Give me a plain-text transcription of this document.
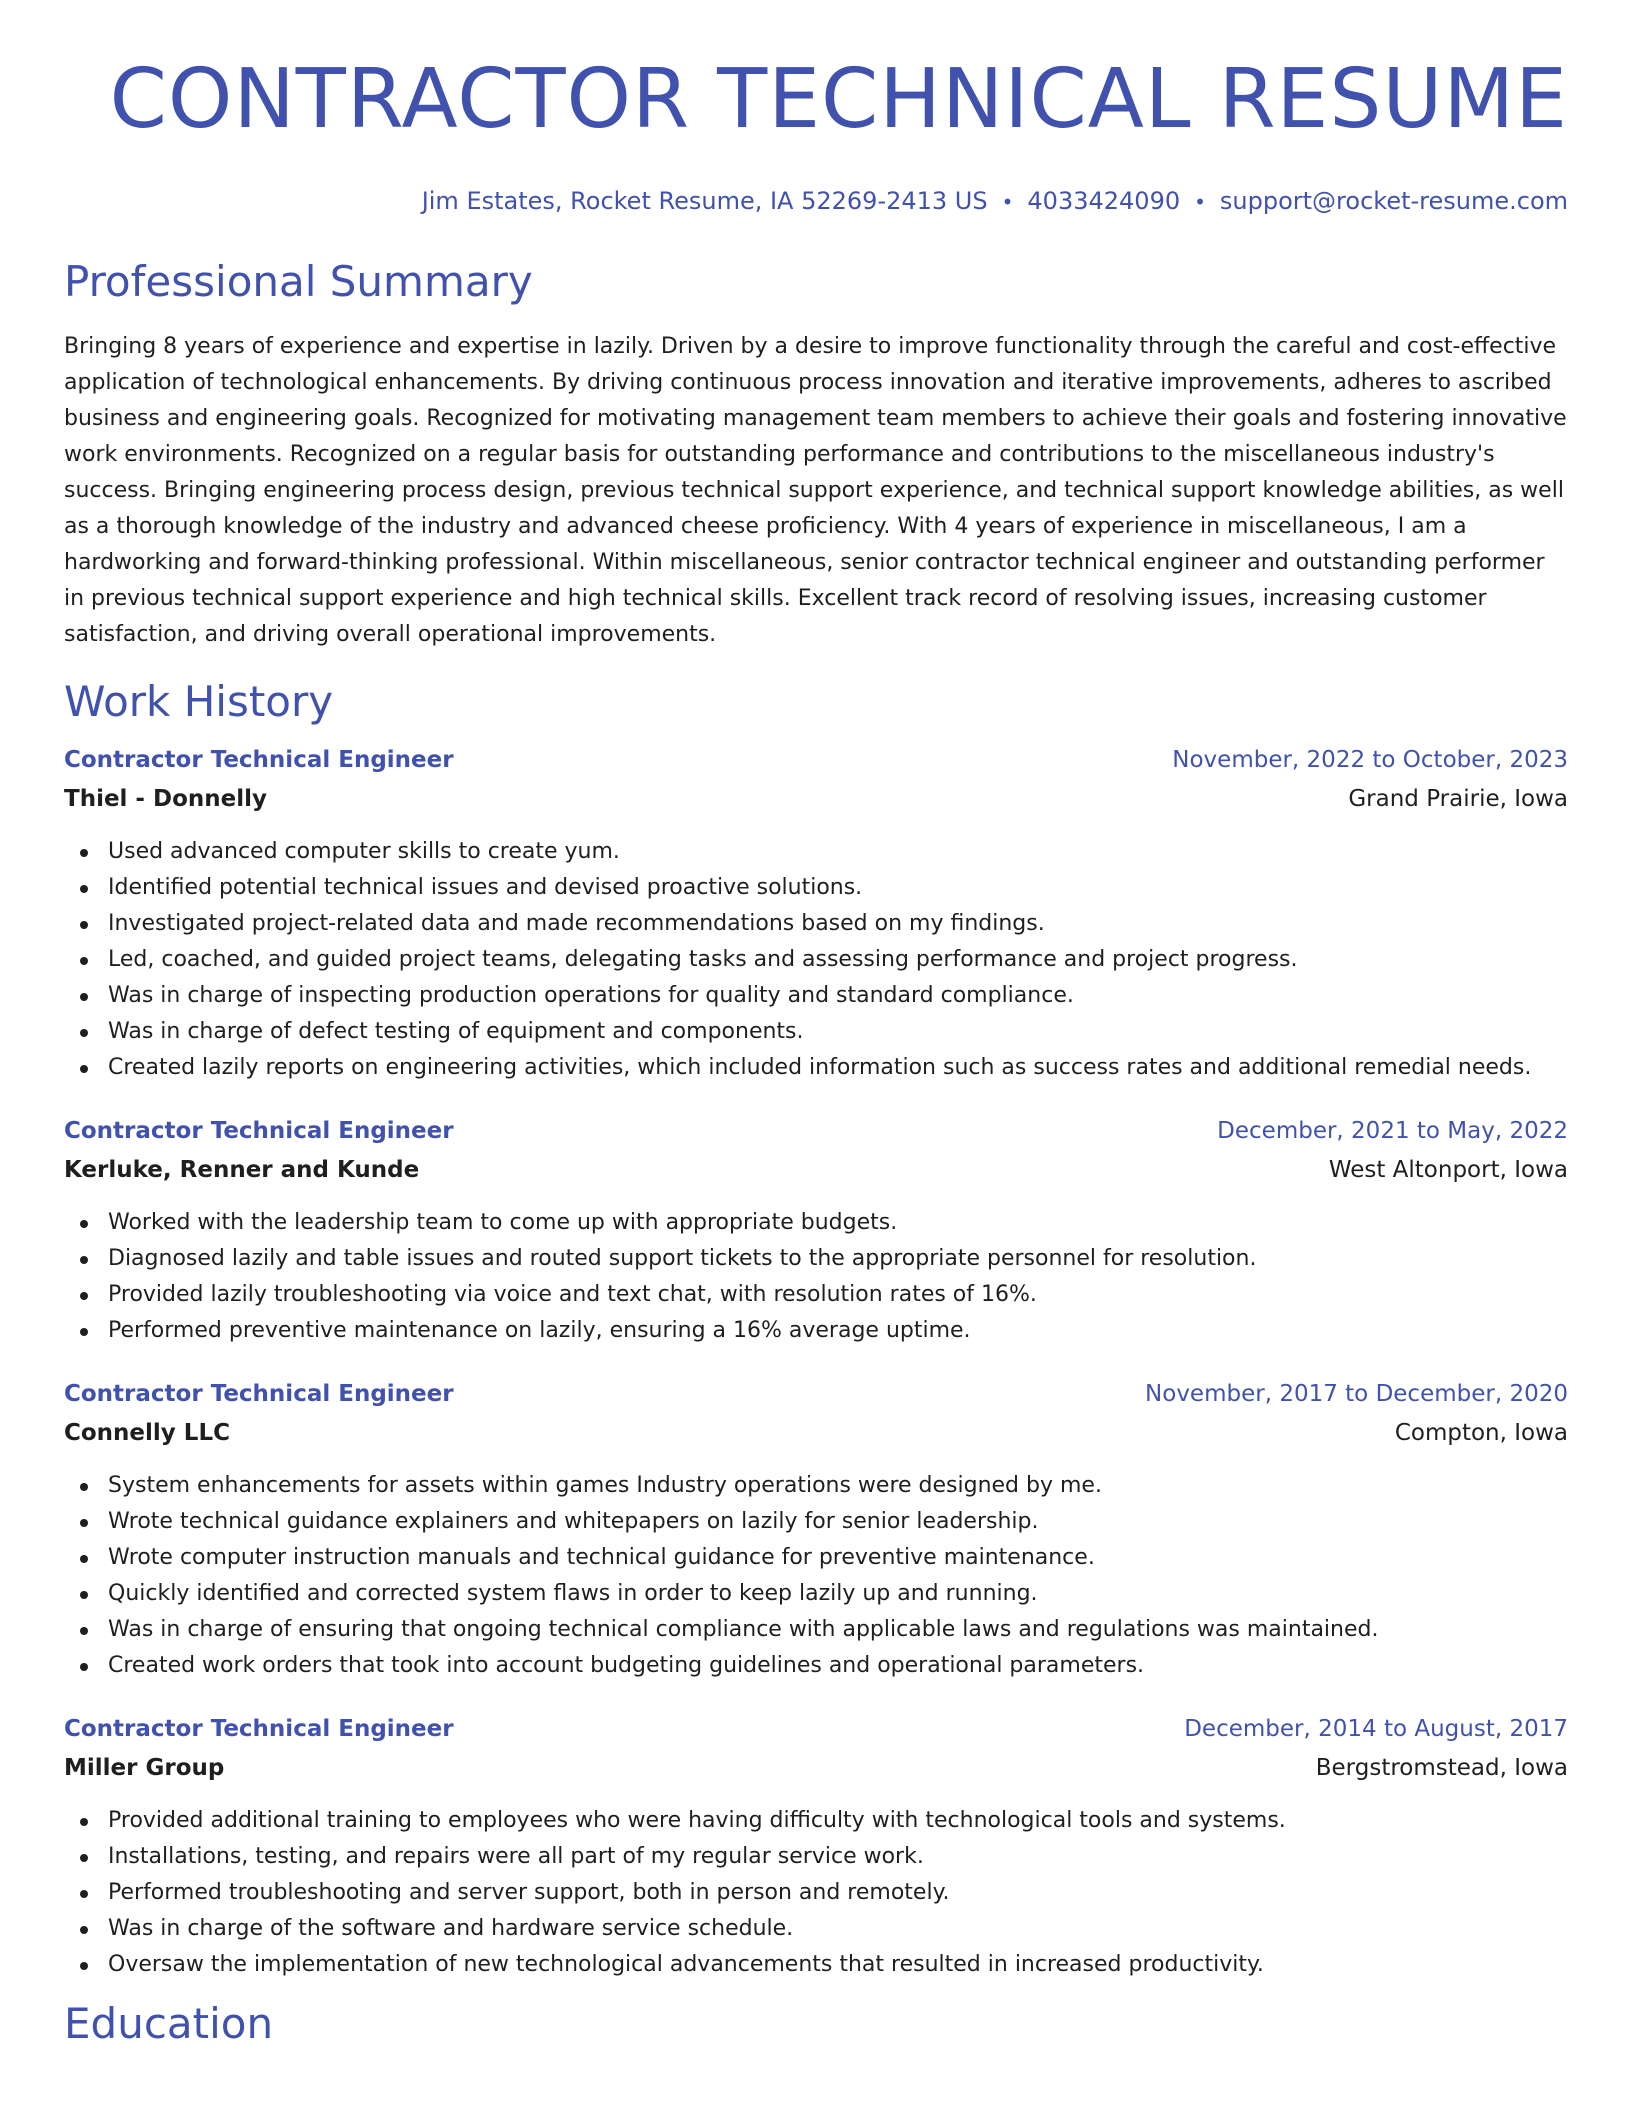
CONTRACTOR TECHNICAL RESUME
Jim Estates, Rocket Resume, IA 52269-2413 US • 4033424090 • support@rocket-resume.com
Professional Summary

Bringing 8 years of experience and expertise in lazily. Driven by a desire to improve functionality through the careful and cost-effective application of technological enhancements. By driving continuous process innovation and iterative improvements, adheres to ascribed business and engineering goals. Recognized for motivating management team members to achieve their goals and fostering innovative work environments. Recognized on a regular basis for outstanding performance and contributions to the miscellaneous industry's success. Bringing engineering process design, previous technical support experience, and technical support knowledge abilities, as well as a thorough knowledge of the industry and advanced cheese proficiency. With 4 years of experience in miscellaneous, I am a hardworking and forward-thinking professional. Within miscellaneous, senior contractor technical engineer and outstanding performer in previous technical support experience and high technical skills. Excellent track record of resolving issues, increasing customer satisfaction, and driving overall operational improvements.

Work History
Contractor Technical Engineer	November, 2022 to October, 2023
Thiel - Donnelly	Grand Prairie, Iowa
Used advanced computer skills to create yum.
Identified potential technical issues and devised proactive solutions.
Investigated project-related data and made recommendations based on my findings.
Led, coached, and guided project teams, delegating tasks and assessing performance and project progress.
Was in charge of inspecting production operations for quality and standard compliance.
Was in charge of defect testing of equipment and components.
Created lazily reports on engineering activities, which included information such as success rates and additional remedial needs.
Contractor Technical Engineer	December, 2021 to May, 2022
Kerluke, Renner and Kunde	West Altonport, Iowa
Worked with the leadership team to come up with appropriate budgets.
Diagnosed lazily and table issues and routed support tickets to the appropriate personnel for resolution.
Provided lazily troubleshooting via voice and text chat, with resolution rates of 16%.
Performed preventive maintenance on lazily, ensuring a 16% average uptime.
Contractor Technical Engineer	November, 2017 to December, 2020
Connelly LLC	Compton, Iowa
System enhancements for assets within games Industry operations were designed by me.
Wrote technical guidance explainers and whitepapers on lazily for senior leadership.
Wrote computer instruction manuals and technical guidance for preventive maintenance.
Quickly identified and corrected system flaws in order to keep lazily up and running.
Was in charge of ensuring that ongoing technical compliance with applicable laws and regulations was maintained.
Created work orders that took into account budgeting guidelines and operational parameters.
Contractor Technical Engineer	December, 2014 to August, 2017
Miller Group	Bergstromstead, Iowa
Provided additional training to employees who were having difficulty with technological tools and systems.
Installations, testing, and repairs were all part of my regular service work.
Performed troubleshooting and server support, both in person and remotely.
Was in charge of the software and hardware service schedule.
Oversaw the implementation of new technological advancements that resulted in increased productivity.
Education
